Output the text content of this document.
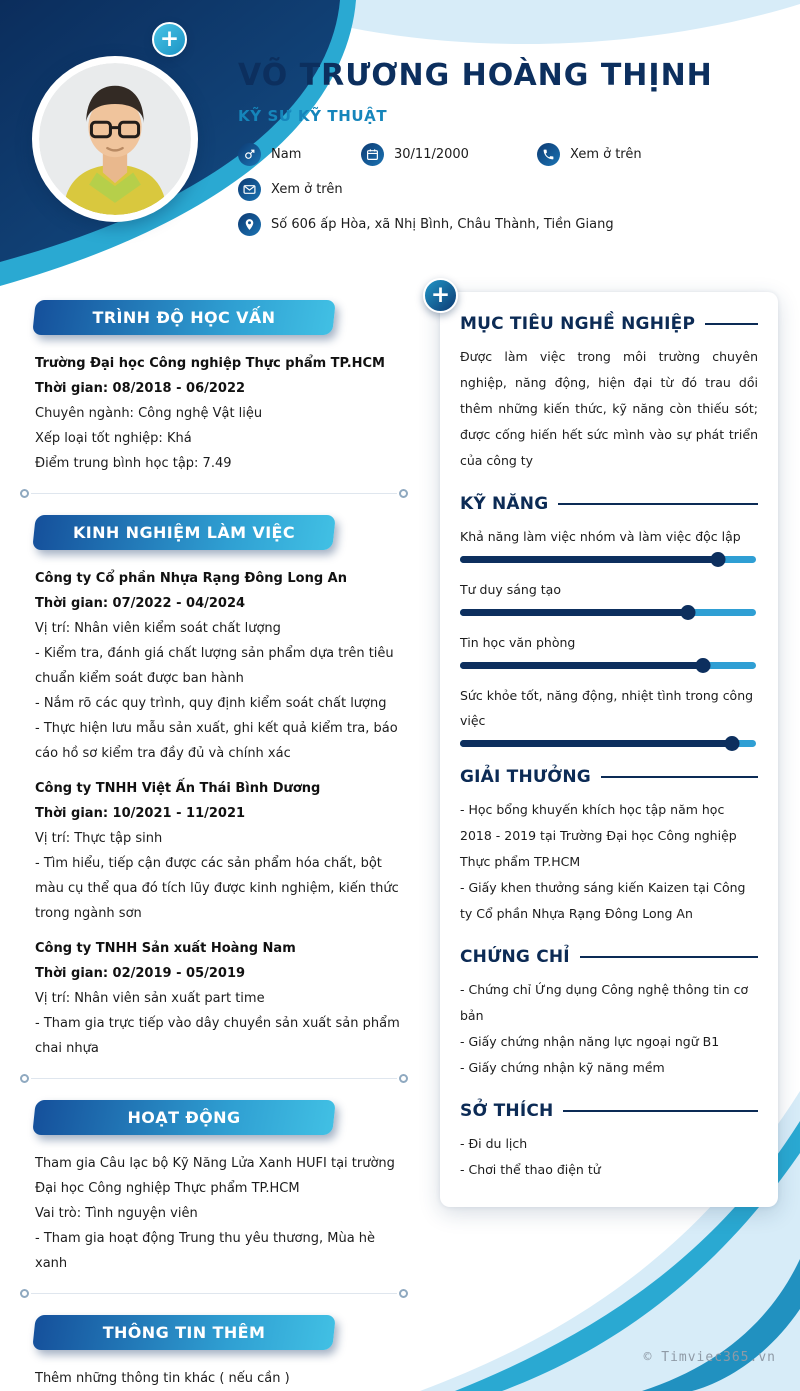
+
VÕ TRƯƠNG HOÀNG THỊNH
KỸ SƯ KỸ THUẬT
Nam	30/11/2000	Xem ở trên
Xem ở trên
Số 606 ấp Hòa, xã Nhị Bình, Châu Thành, Tiền Giang
TRÌNH ĐỘ HỌC VẤN

Trường Đại học Công nghiệp Thực phẩm TP.HCM

Thời gian: 08/2018 - 06/2022

Chuyên ngành: Công nghệ Vật liệu

Xếp loại tốt nghiệp: Khá

Điểm trung bình học tập: 7.49

KINH NGHIỆM LÀM VIỆC

Công ty Cổ phần Nhựa Rạng Đông Long An

Thời gian: 07/2022 - 04/2024

Vị trí: Nhân viên kiểm soát chất lượng

- Kiểm tra, đánh giá chất lượng sản phẩm dựa trên tiêu chuẩn kiểm soát được ban hành

- Nắm rõ các quy trình, quy định kiểm soát chất lượng

- Thực hiện lưu mẫu sản xuất, ghi kết quả kiểm tra, báo cáo hồ sơ kiểm tra đầy đủ và chính xác

Công ty TNHH Việt Ấn Thái Bình Dương

Thời gian: 10/2021 - 11/2021

Vị trí: Thực tập sinh

- Tìm hiểu, tiếp cận được các sản phẩm hóa chất, bột màu cụ thể qua đó tích lũy được kinh nghiệm, kiến thức trong ngành sơn

Công ty TNHH Sản xuất Hoàng Nam

Thời gian: 02/2019 - 05/2019

Vị trí: Nhân viên sản xuất part time

- Tham gia trực tiếp vào dây chuyền sản xuất sản phẩm chai nhựa

HOẠT ĐỘNG

Tham gia Câu lạc bộ Kỹ Năng Lửa Xanh HUFI tại trường Đại học Công nghiệp Thực phẩm TP.HCM

Vai trò: Tình nguyện viên

- Tham gia hoạt động Trung thu yêu thương, Mùa hè xanh

THÔNG TIN THÊM

Thêm những thông tin khác ( nếu cần )

+
MỤC TIÊU NGHỀ NGHIỆP
Được làm việc trong môi trường chuyên nghiệp, năng động, hiện đại từ đó trau dồi thêm những kiến thức, kỹ năng còn thiếu sót; được cống hiến hết sức mình vào sự phát triển của công ty
KỸ NĂNG
Khả năng làm việc nhóm và làm việc độc lập
Tư duy sáng tạo
Tin học văn phòng
Sức khỏe tốt, năng động, nhiệt tình trong công việc
GIẢI THƯỞNG

- Học bổng khuyến khích học tập năm học 2018 - 2019 tại Trường Đại học Công nghiệp Thực phẩm TP.HCM

- Giấy khen thưởng sáng kiến Kaizen tại Công ty Cổ phần Nhựa Rạng Đông Long An

CHỨNG CHỈ

- Chứng chỉ Ứng dụng Công nghệ thông tin cơ bản

- Giấy chứng nhận năng lực ngoại ngữ B1

- Giấy chứng nhận kỹ năng mềm

SỞ THÍCH

- Đi du lịch

- Chơi thể thao điện tử

© Timviec365.vn
